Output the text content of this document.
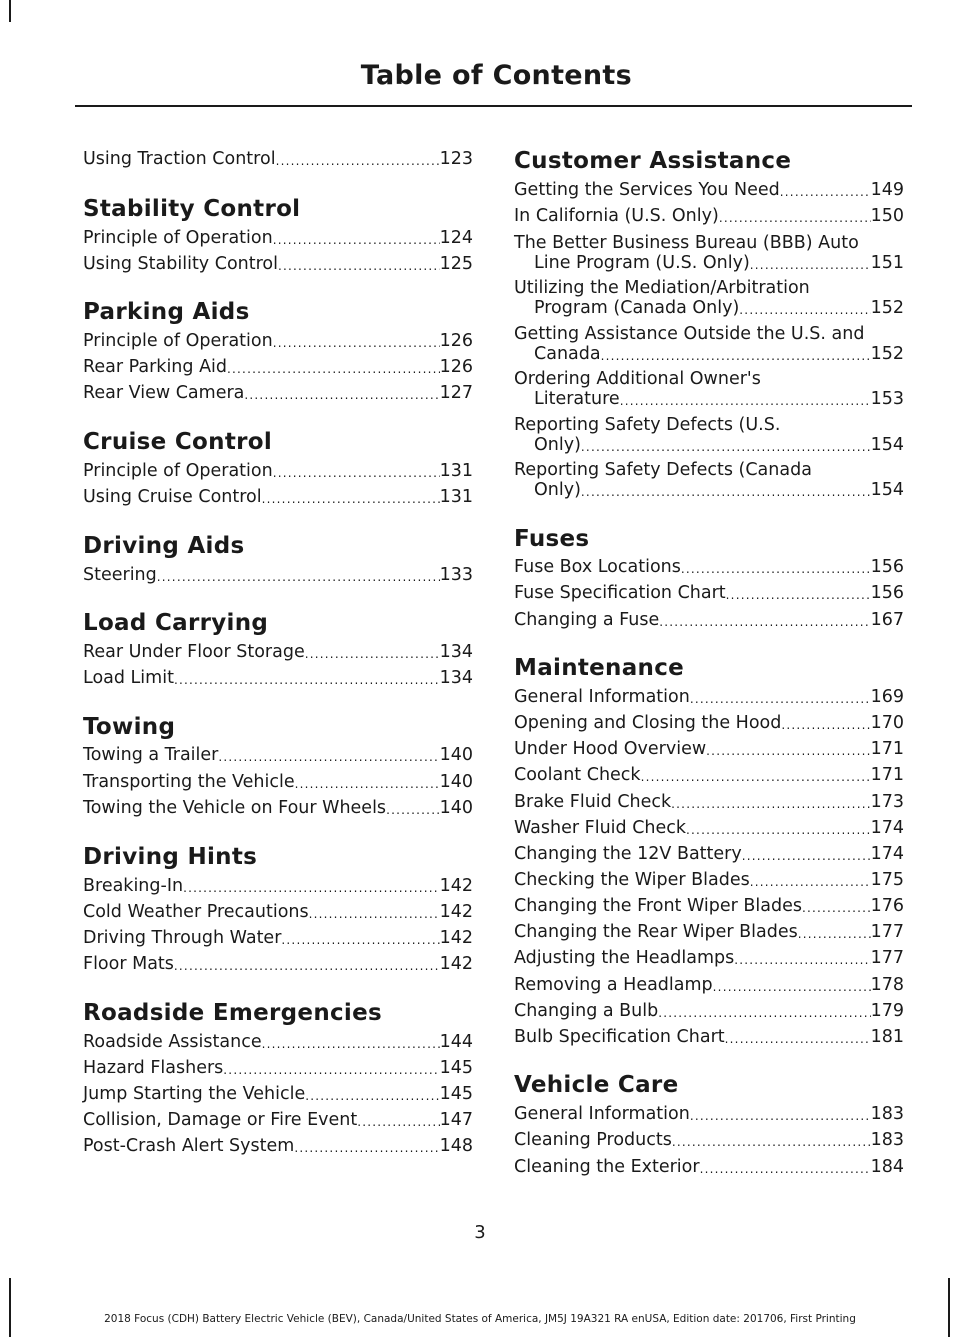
Table of Contents
Using Traction Control .....	123
Stability Control
Principle of Operation .....	124
Using Stability Control .....	125
Parking Aids
Principle of Operation .....	126
Rear Parking Aid .....	126
Rear View Camera .....	127
Cruise Control
Principle of Operation .....	131
Using Cruise Control .....	131
Driving Aids
Steering .....	133
Load Carrying
Rear Under Floor Storage .....	134
Load Limit .....	134
Towing
Towing a Trailer .....	140
Transporting the Vehicle .....	140
Towing the Vehicle on Four Wheels .....	140
Driving Hints
Breaking-In .....	142
Cold Weather Precautions .....	142
Driving Through Water .....	142
Floor Mats .....	142
Roadside Emergencies
Roadside Assistance .....	144
Hazard Flashers .....	145
Jump Starting the Vehicle .....	145
Collision, Damage or Fire Event .....	147
Post-Crash Alert System .....	148
Customer Assistance
Getting the Services You Need .....	149
In California (U.S. Only) .....	150
The Better Business Bureau (BBB) Auto
Line Program (U.S. Only) .....	151
Utilizing the Mediation/Arbitration
Program (Canada Only) .....	152
Getting Assistance Outside the U.S. and
Canada .....	152
Ordering Additional Owner's
Literature .....	153
Reporting Safety Defects (U.S.
Only) .....	154
Reporting Safety Defects (Canada
Only) .....	154
Fuses
Fuse Box Locations .....	156
Fuse Specification Chart .....	156
Changing a Fuse .....	167
Maintenance
General Information .....	169
Opening and Closing the Hood .....	170
Under Hood Overview .....	171
Coolant Check .....	171
Brake Fluid Check .....	173
Washer Fluid Check .....	174
Changing the 12V Battery .....	174
Checking the Wiper Blades .....	175
Changing the Front Wiper Blades .....	176
Changing the Rear Wiper Blades .....	177
Adjusting the Headlamps .....	177
Removing a Headlamp .....	178
Changing a Bulb .....	179
Bulb Specification Chart .....	181
Vehicle Care
General Information .....	183
Cleaning Products .....	183
Cleaning the Exterior .....	184
3
2018 Focus (CDH) Battery Electric Vehicle (BEV), Canada/United States of America, JM5J 19A321 RA enUSA, Edition date: 201706, First Printing
